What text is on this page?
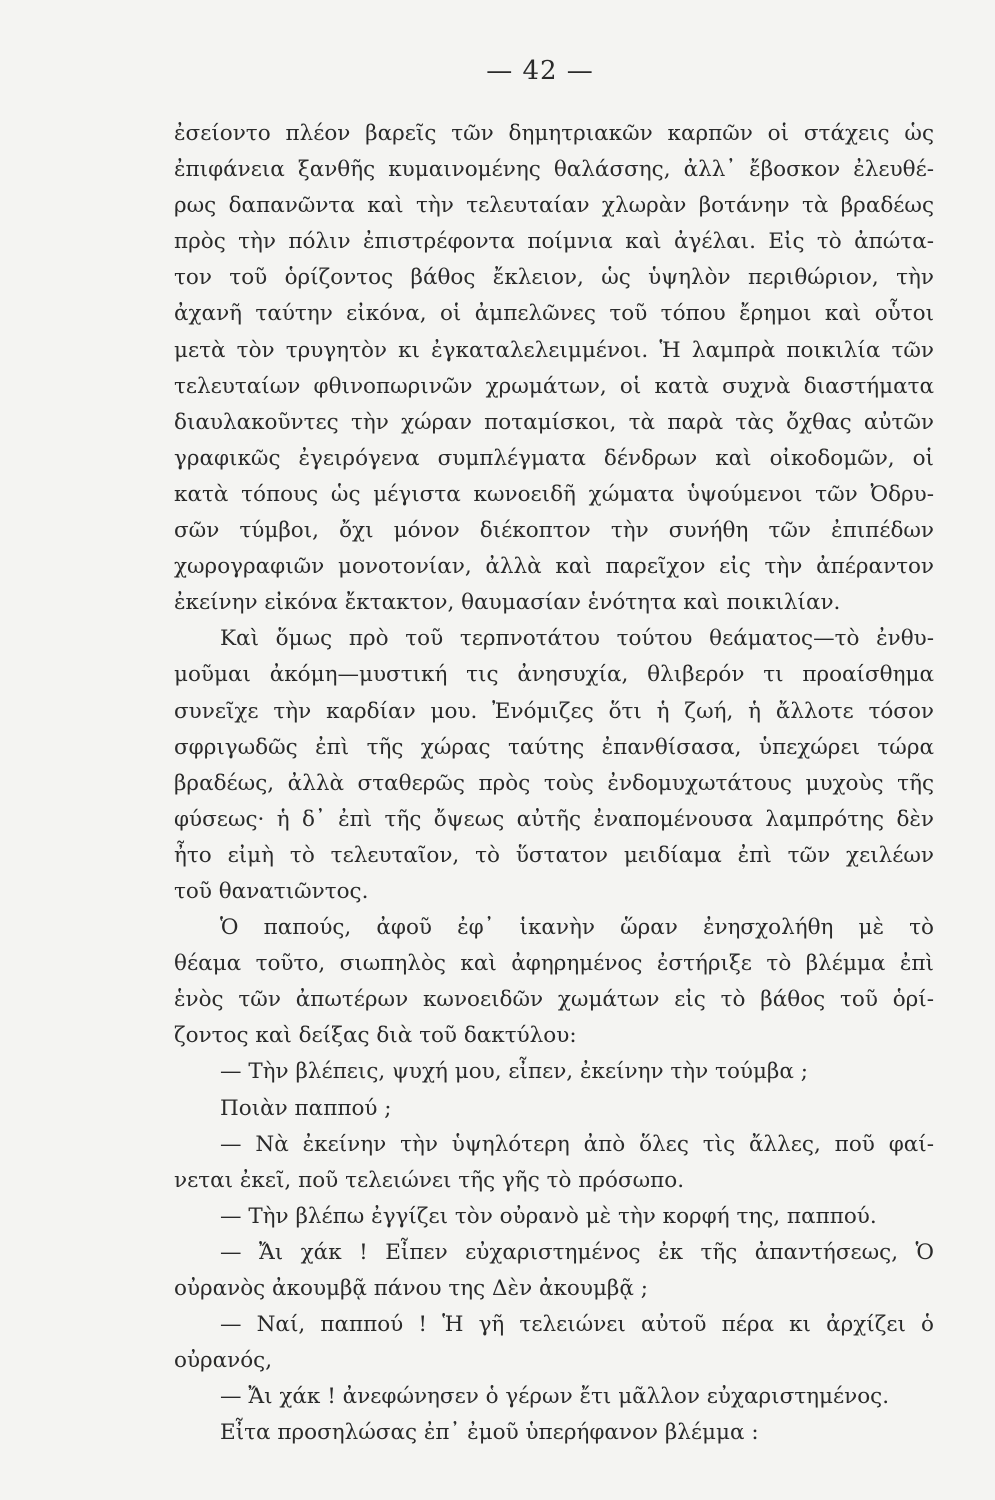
— 42 —
ἐσείοντο πλέον βαρεῖς τῶν δημητριακῶν καρπῶν οἱ στάχεις ὡς
ἐπιφάνεια ξανθῆς κυμαινομένης θαλάσσης, ἀλλ᾽ ἔβοσκον ἐλευθέ-
ρως δαπανῶντα καὶ τὴν τελευταίαν χλωρὰν βοτάνην τὰ βραδέως
πρὸς τὴν πόλιν ἐπιστρέφοντα ποίμνια καὶ ἀγέλαι. Εἰς τὸ ἀπώτα-
τον τοῦ ὁρίζοντος βάθος ἔκλειον, ὡς ὑψηλὸν περιθώριον, τὴν
ἀχανῆ ταύτην εἰκόνα, οἱ ἀμπελῶνες τοῦ τόπου ἔρημοι καὶ οὗτοι
μετὰ τὸν τρυγητὸν κι ἐγκαταλελειμμένοι. Ἡ λαμπρὰ ποικιλία τῶν
τελευταίων φθινοπωρινῶν χρωμάτων, οἱ κατὰ συχνὰ διαστήματα
διαυλακοῦντες τὴν χώραν ποταμίσκοι, τὰ παρὰ τὰς ὄχθας αὐτῶν
γραφικῶς ἐγειρόγενα συμπλέγματα δένδρων καὶ οἰκοδομῶν, οἱ
κατὰ τόπους ὡς μέγιστα κωνοειδῆ χώματα ὑψούμενοι τῶν Ὀδρυ-
σῶν τύμβοι, ὄχι μόνον διέκοπτον τὴν συνήθη τῶν ἐπιπέδων
χωρογραφιῶν μονοτονίαν, ἀλλὰ καὶ παρεῖχον εἰς τὴν ἀπέραντον
ἐκείνην εἰκόνα ἔκτακτον, θαυμασίαν ἑνότητα καὶ ποικιλίαν.
Καὶ ὅμως πρὸ τοῦ τερπνοτάτου τούτου θεάματος—τὸ ἐνθυ-
μοῦμαι ἀκόμη—μυστική τις ἀνησυχία, θλιβερόν τι προαίσθημα
συνεῖχε τὴν καρδίαν μου. Ἐνόμιζες ὅτι ἡ ζωή, ἡ ἄλλοτε τόσον
σφριγωδῶς ἐπὶ τῆς χώρας ταύτης ἐπανθίσασα, ὑπεχώρει τώρα
βραδέως, ἀλλὰ σταθερῶς πρὸς τοὺς ἐνδομυχωτάτους μυχοὺς τῆς
φύσεως· ἡ δ᾽ ἐπὶ τῆς ὄψεως αὐτῆς ἐναπομένουσα λαμπρότης δὲν
ἦτο εἰμὴ τὸ τελευταῖον, τὸ ὕστατον μειδίαμα ἐπὶ τῶν χειλέων
τοῦ θανατιῶντος.
Ὁ παπούς, ἀφοῦ ἐφ᾽ ἱκανὴν ὥραν ἐνησχολήθη μὲ τὸ
θέαμα τοῦτο, σιωπηλὸς καὶ ἀφηρημένος ἐστήριξε τὸ βλέμμα ἐπὶ
ἑνὸς τῶν ἀπωτέρων κωνοειδῶν χωμάτων εἰς τὸ βάθος τοῦ ὁρί-
ζοντος καὶ δείξας διὰ τοῦ δακτύλου:
— Τὴν βλέπεις, ψυχή μου, εἶπεν, ἐκείνην τὴν τούμβα ;
Ποιὰν παππού ;
— Νὰ ἐκείνην τὴν ὑψηλότερη ἀπὸ ὅλες τὶς ἄλλες, ποῦ φαί-
νεται ἐκεῖ, ποῦ τελειώνει τῆς γῆς τὸ πρόσωπο.
— Τὴν βλέπω ἐγγίζει τὸν οὐρανὸ μὲ τὴν κορφή της, παππού.
— Ἄι χάκ ! Εἶπεν εὐχαριστημένος ἐκ τῆς ἀπαντήσεως, Ὁ
οὐρανὸς ἀκουμβᾷ πάνου της Δὲν ἀκουμβᾷ ;
— Ναί, παππού ! Ἡ γῆ τελειώνει αὐτοῦ πέρα κι ἀρχίζει ὁ
οὐρανός,
— Ἄι χάκ ! ἀνεφώνησεν ὁ γέρων ἔτι μᾶλλον εὐχαριστημένος.
Εἶτα προσηλώσας ἐπ᾽ ἐμοῦ ὑπερήφανον βλέμμα :
